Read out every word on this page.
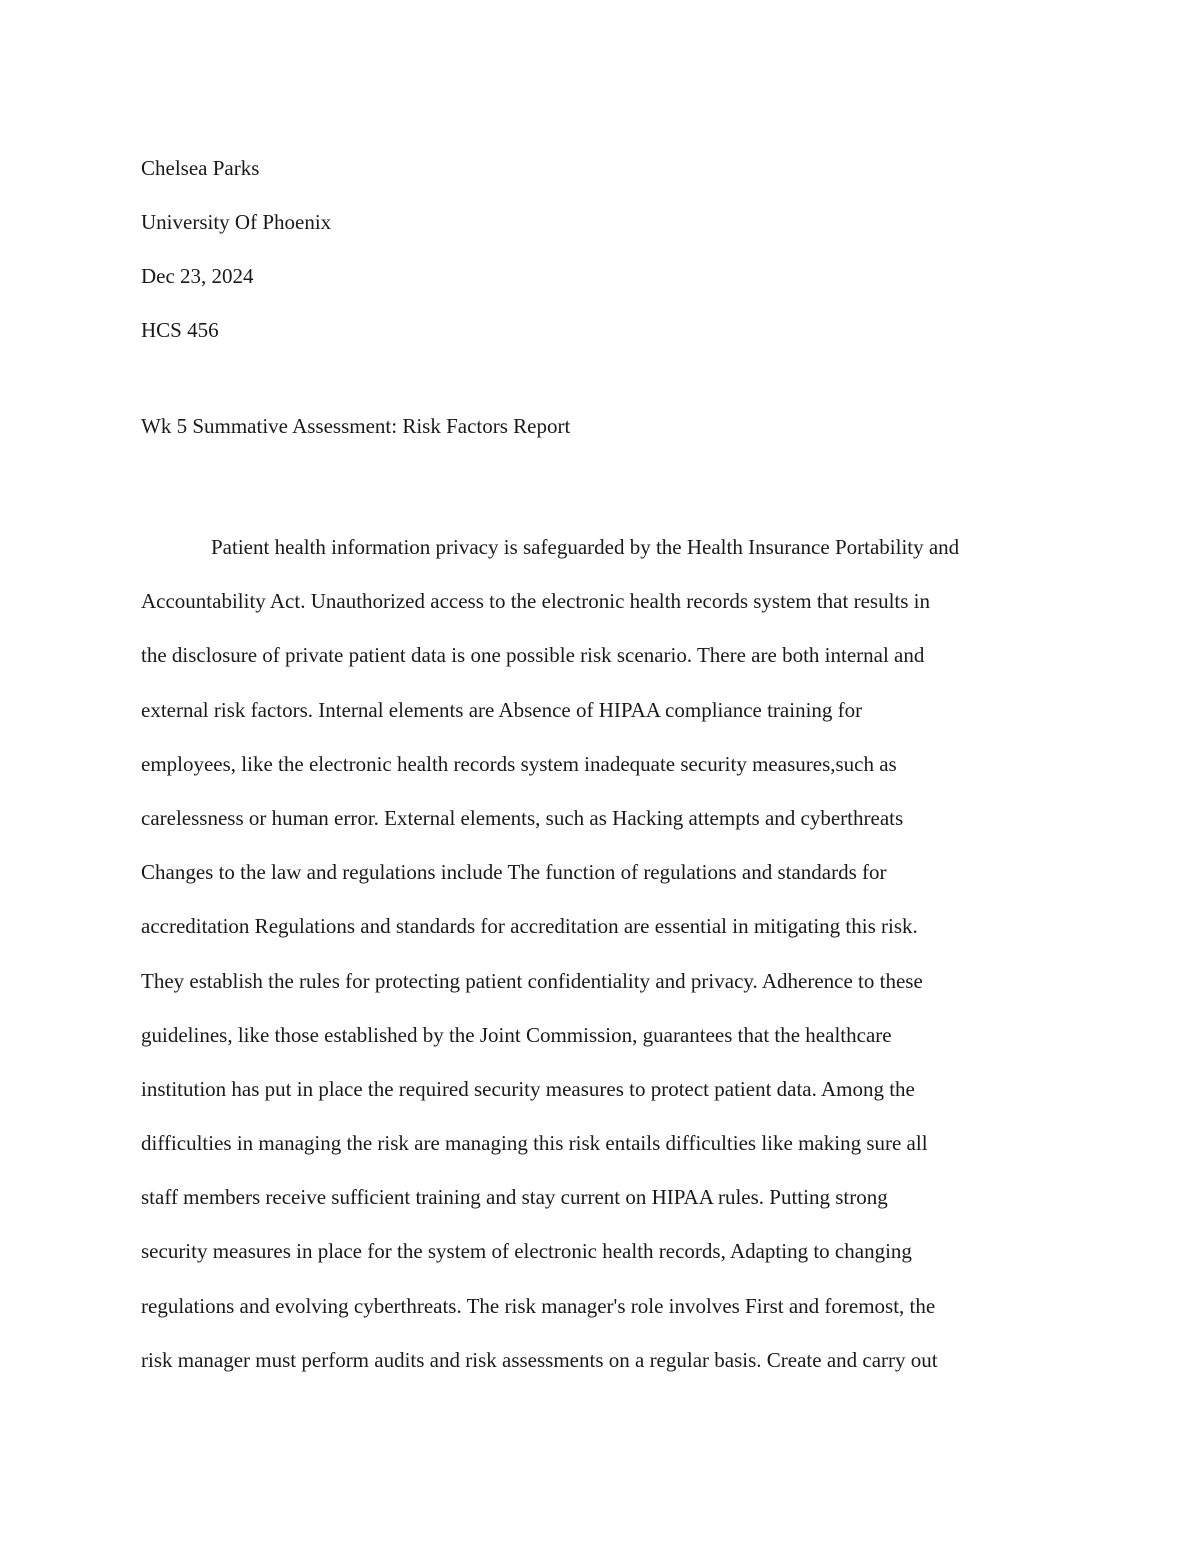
Chelsea Parks
University Of Phoenix
Dec 23, 2024
HCS 456
Wk 5 Summative Assessment: Risk Factors Report
Patient health information privacy is safeguarded by the Health Insurance Portability and
Accountability Act. Unauthorized access to the electronic health records system that results in
the disclosure of private patient data is one possible risk scenario. There are both internal and
external risk factors. Internal elements are Absence of HIPAA compliance training for
employees, like the electronic health records system inadequate security measures,such as
carelessness or human error. External elements, such as Hacking attempts and cyberthreats
Changes to the law and regulations include The function of regulations and standards for
accreditation Regulations and standards for accreditation are essential in mitigating this risk.
They establish the rules for protecting patient confidentiality and privacy. Adherence to these
guidelines, like those established by the Joint Commission, guarantees that the healthcare
institution has put in place the required security measures to protect patient data. Among the
difficulties in managing the risk are managing this risk entails difficulties like making sure all
staff members receive sufficient training and stay current on HIPAA rules. Putting strong
security measures in place for the system of electronic health records, Adapting to changing
regulations and evolving cyberthreats. The risk manager's role involves First and foremost, the
risk manager must perform audits and risk assessments on a regular basis. Create and carry out
